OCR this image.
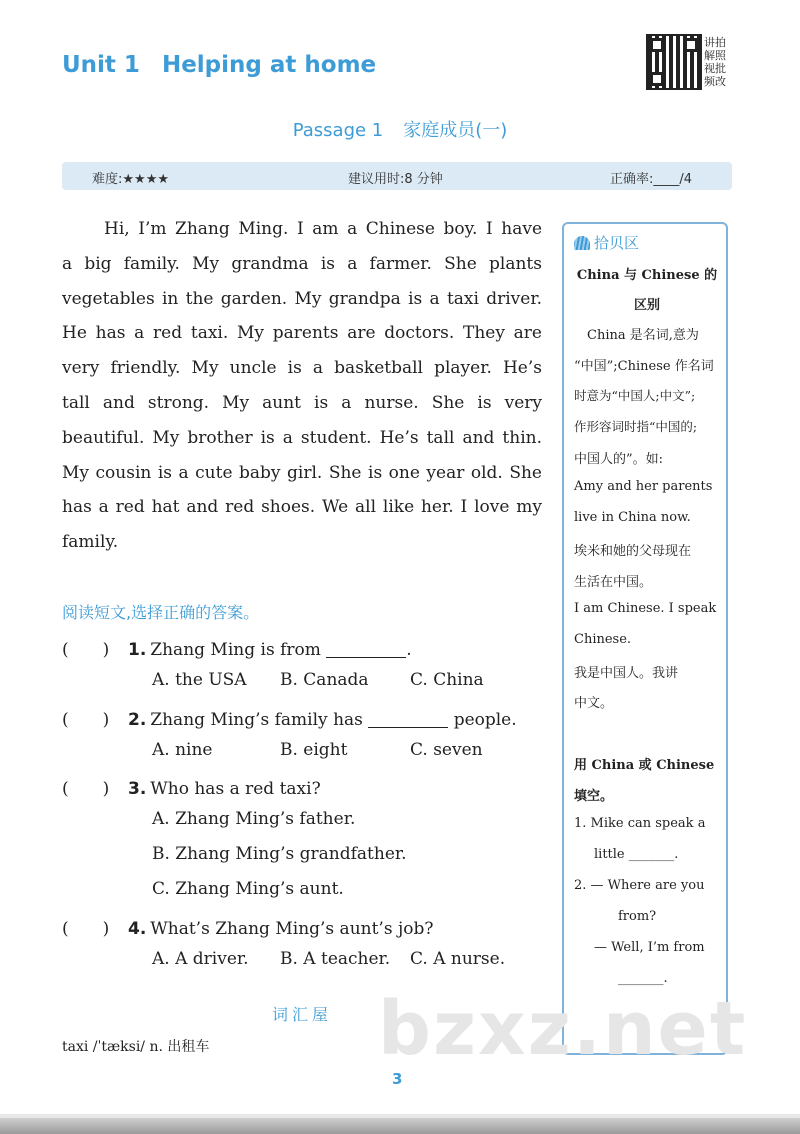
Unit 1 Helping at home
讲拍解照视批频改
Passage 1 家庭成员(一)
难度:★★★★	建议用时:8 分钟	正确率:____/4
Hi, I’m Zhang Ming. I am a Chinese boy. I have
a big family. My grandma is a farmer. She plants
vegetables in the garden. My grandpa is a taxi driver.
He has a red taxi. My parents are doctors. They are
very friendly. My uncle is a basketball player. He’s
tall and strong. My aunt is a nurse. She is very
beautiful. My brother is a student. He’s tall and thin.
My cousin is a cute baby girl. She is one year old. She
has a red hat and red shoes. We all like her. I love my
family.
拾贝区
China 与 Chinese 的
区别
　China 是名词,意为
“中国”;Chinese 作名词
时意为“中国人;中文”;
作形容词时指“中国的;
中国人的”。如:
Amy and her parents
live in China now.
埃米和她的父母现在
生活在中国。
I am Chinese. I speak
Chinese.
我是中国人。我讲
中文。
用 China 或 Chinese
填空。
1. Mike can speak a
little _______.
2. — Where are you
from?
— Well, I’m from
_______.
阅读短文,选择正确的答案。
(　　) 1. Zhang Ming is from	.
A. the USA B. Canada C. China
(　　) 2. Zhang Ming’s family has	people.
A. nine	B. eight	C. seven
(　　) 3. Who has a red taxi?
A. Zhang Ming’s father.
B. Zhang Ming’s grandfather.
C. Zhang Ming’s aunt.
(　　) 4. What’s Zhang Ming’s aunt’s job?
A. A driver. B. A teacher. C. A nurse.
bzxz.net
词汇屋
taxi /ˈtæksi/ n. 出租车
3
